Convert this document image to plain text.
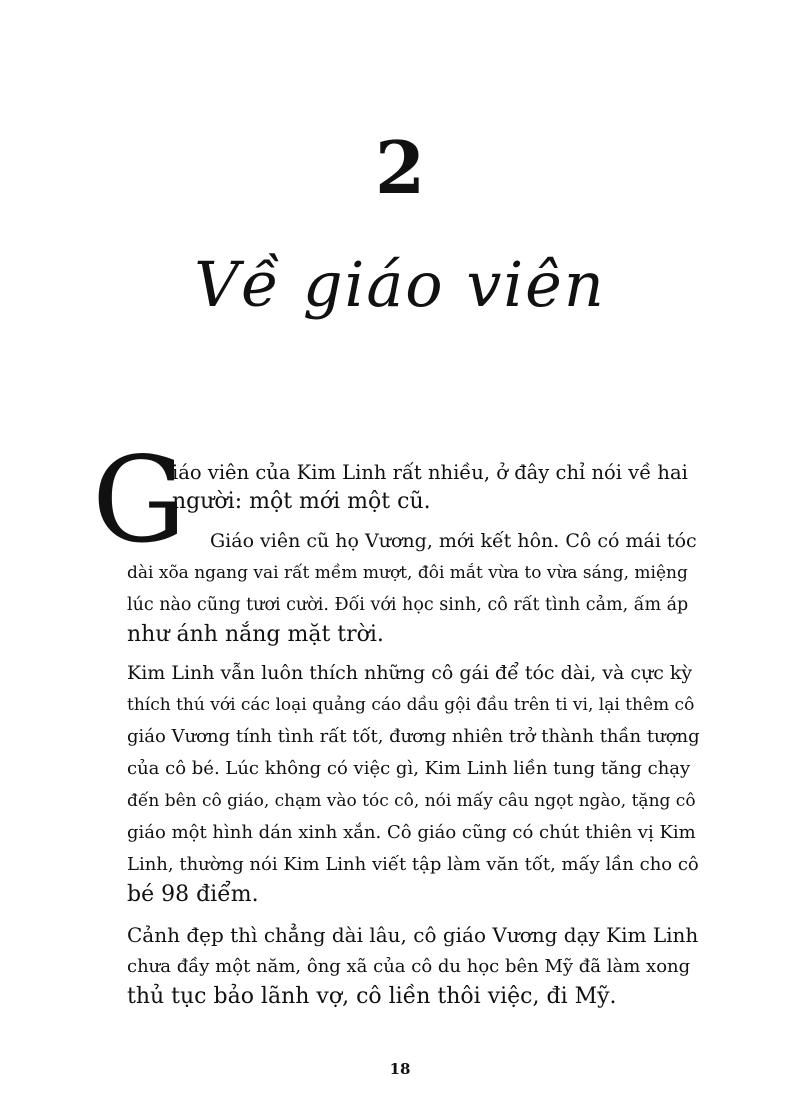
2
Về giáo viên
G
iáo viên của Kim Linh rất nhiều, ở đây chỉ nói về hai
người: một mới một cũ.
Giáo viên cũ họ Vương, mới kết hôn. Cô có mái tóc
dài xõa ngang vai rất mềm mượt, đôi mắt vừa to vừa sáng, miệng
lúc nào cũng tươi cười. Đối với học sinh, cô rất tình cảm, ấm áp
như ánh nắng mặt trời.
Kim Linh vẫn luôn thích những cô gái để tóc dài, và cực kỳ
thích thú với các loại quảng cáo dầu gội đầu trên ti vi, lại thêm cô
giáo Vương tính tình rất tốt, đương nhiên trở thành thần tượng
của cô bé. Lúc không có việc gì, Kim Linh liền tung tăng chạy
đến bên cô giáo, chạm vào tóc cô, nói mấy câu ngọt ngào, tặng cô
giáo một hình dán xinh xắn. Cô giáo cũng có chút thiên vị Kim
Linh, thường nói Kim Linh viết tập làm văn tốt, mấy lần cho cô
bé 98 điểm.
Cảnh đẹp thì chẳng dài lâu, cô giáo Vương dạy Kim Linh
chưa đầy một năm, ông xã của cô du học bên Mỹ đã làm xong
thủ tục bảo lãnh vợ, cô liền thôi việc, đi Mỹ.
18
